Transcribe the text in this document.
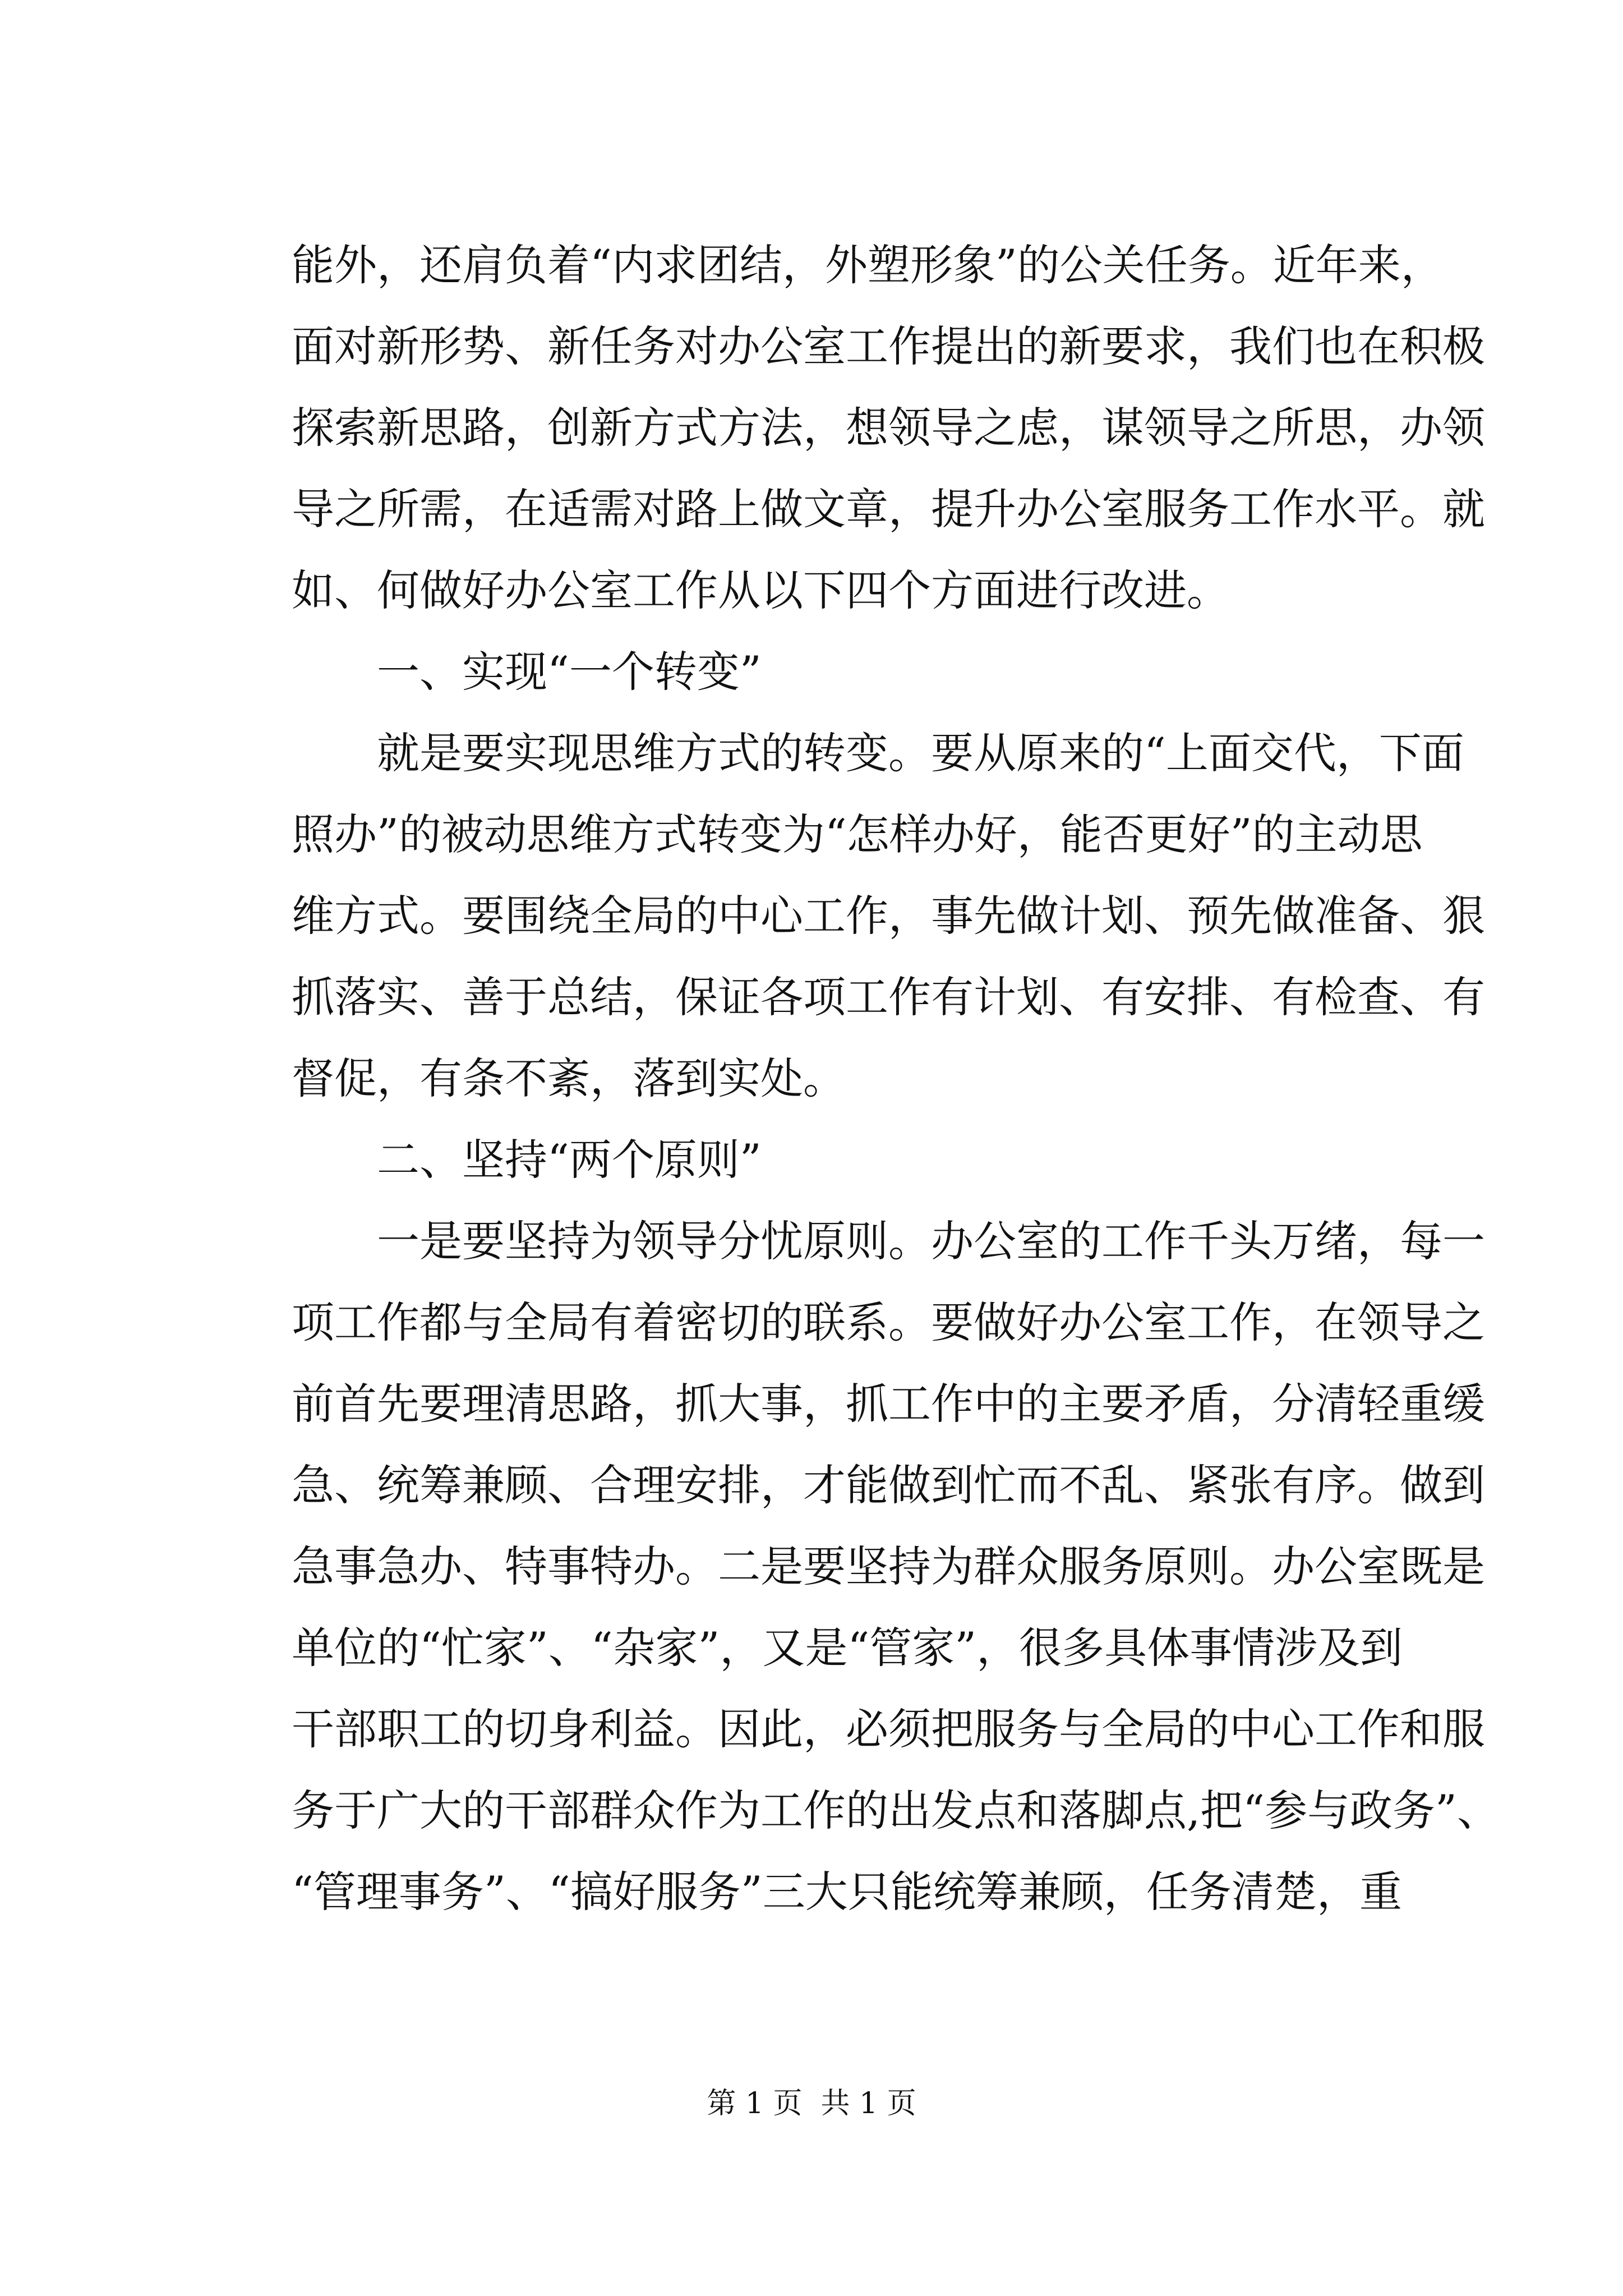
能外，还肩负着“内求团结，外塑形象”的公关任务。近年来，
面对新形势、新任务对办公室工作提出的新要求，我们也在积极
探索新思路，创新方式方法，想领导之虑，谋领导之所思，办领
导之所需，在适需对路上做文章，提升办公室服务工作水平。就
如、何做好办公室工作从以下四个方面进行改进。
　　一、实现“一个转变”
　　就是要实现思维方式的转变。要从原来的“上面交代，下面
照办”的被动思维方式转变为“怎样办好，能否更好”的主动思
维方式。要围绕全局的中心工作，事先做计划、预先做准备、狠
抓落实、善于总结，保证各项工作有计划、有安排、有检查、有
督促，有条不紊，落到实处。
　　二、坚持“两个原则”
　　一是要坚持为领导分忧原则。办公室的工作千头万绪，每一
项工作都与全局有着密切的联系。要做好办公室工作，在领导之
前首先要理清思路，抓大事，抓工作中的主要矛盾，分清轻重缓
急、统筹兼顾、合理安排，才能做到忙而不乱、紧张有序。做到
急事急办、特事特办。二是要坚持为群众服务原则。办公室既是
单位的“忙家”、“杂家”，又是“管家”，很多具体事情涉及到
干部职工的切身利益。因此，必须把服务与全局的中心工作和服
务于广大的干部群众作为工作的出发点和落脚点,把“参与政务”、
“管理事务”、“搞好服务”三大只能统筹兼顾，任务清楚，重
第 1 页  共 1 页
